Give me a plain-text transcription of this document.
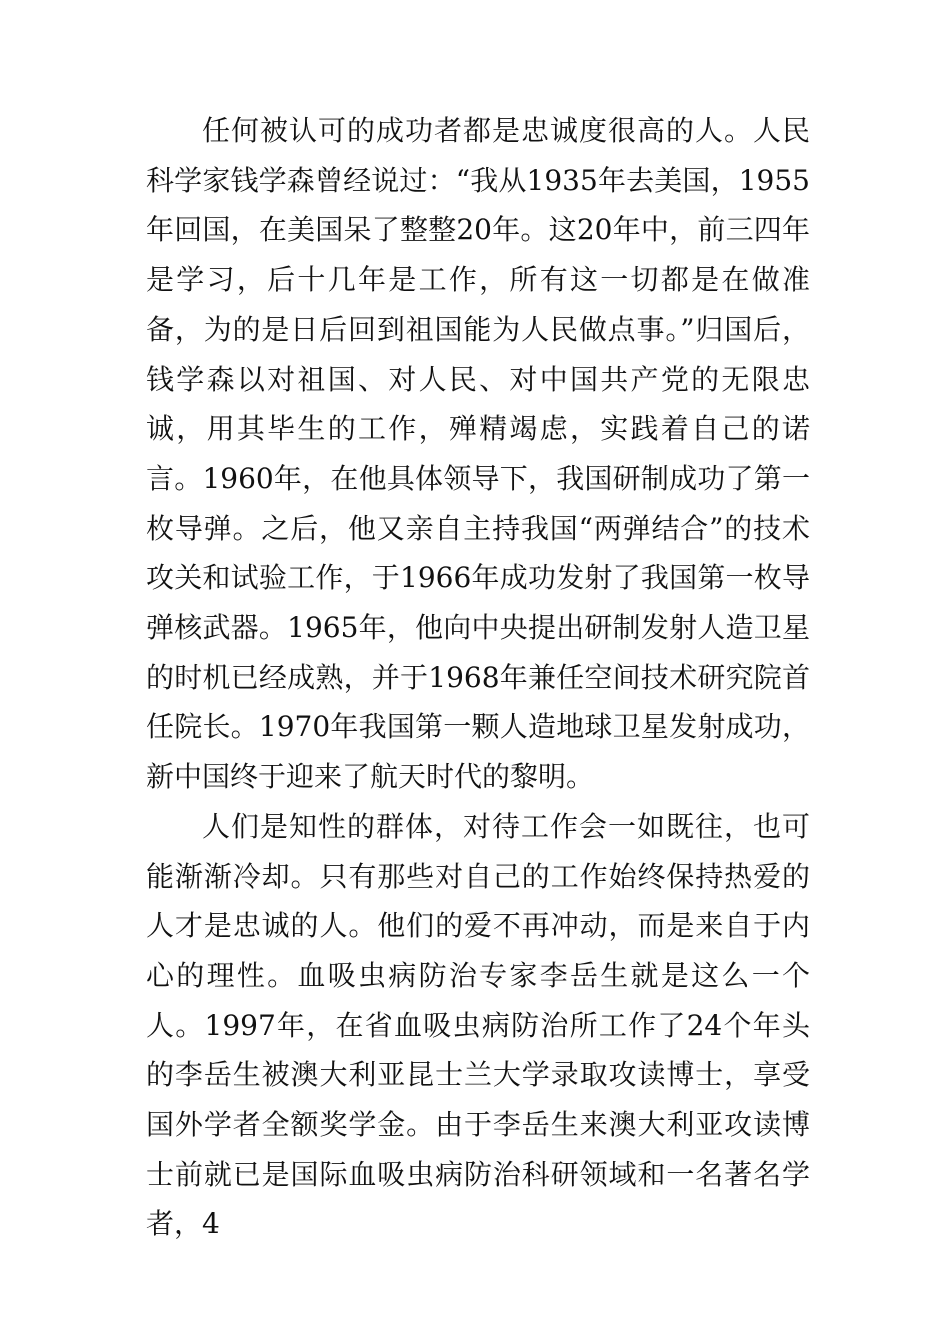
任何被认可的成功者都是忠诚度很高的人。人民科学家钱学森曾经说过：“我从1935年去美国，1955年回国，在美国呆了整整20年。这20年中，前三四年是学习，后十几年是工作，所有这一切都是在做准备，为的是日后回到祖国能为人民做点事。”归国后，钱学森以对祖国、对人民、对中国共产党的无限忠诚，用其毕生的工作，殚精竭虑，实践着自己的诺言。1960年，在他具体领导下，我国研制成功了第一枚导弹。之后，他又亲自主持我国“两弹结合”的技术攻关和试验工作，于1966年成功发射了我国第一枚导弹核武器。1965年，他向中央提出研制发射人造卫星的时机已经成熟，并于1968年兼任空间技术研究院首任院长。1970年我国第一颗人造地球卫星发射成功，新中国终于迎来了航天时代的黎明。

人们是知性的群体，对待工作会一如既往，也可能渐渐冷却。只有那些对自己的工作始终保持热爱的人才是忠诚的人。他们的爱不再冲动，而是来自于内心的理性。血吸虫病防治专家李岳生就是这么一个人。1997年，在省血吸虫病防治所工作了24个年头的李岳生被澳大利亚昆士兰大学录取攻读博士，享受国外学者全额奖学金。由于李岳生来澳大利亚攻读博士前就已是国际血吸虫病防治科研领域和一名著名学者，4
